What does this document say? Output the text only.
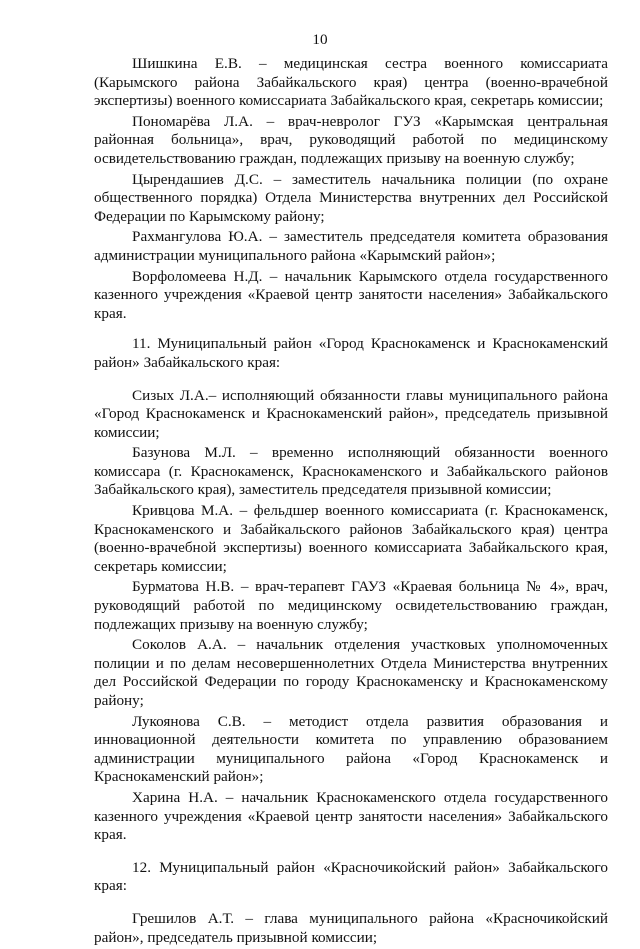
10

Шишкина Е.В. – медицинская сестра военного комиссариата (Карымского района Забайкальского края) центра (военно-врачебной экспертизы) военного комиссариата Забайкальского края, секретарь комиссии;

Пономарёва Л.А. – врач-невролог ГУЗ «Карымская центральная районная больница», врач, руководящий работой по медицинскому освидетельствованию граждан, подлежащих призыву на военную службу;

Цырендашиев Д.С. – заместитель начальника полиции (по охране общественного порядка) Отдела Министерства внутренних дел Российской Федерации по Карымскому району;

Рахмангулова Ю.А. – заместитель председателя комитета образования администрации муниципального района «Карымский район»;

Ворфоломеева Н.Д. – начальник Карымского отдела государственного казенного учреждения «Краевой центр занятости населения» Забайкальского края.

11. Муниципальный район «Город Краснокаменск и Краснокаменский район» Забайкальского края:

Сизых Л.А.– исполняющий обязанности главы муниципального района «Город Краснокаменск и Краснокаменский район», председатель призывной комиссии;

Базунова М.Л. – временно исполняющий обязанности военного комиссара (г. Краснокаменск, Краснокаменского и Забайкальского районов Забайкальского края), заместитель председателя призывной комиссии;

Кривцова М.А. – фельдшер военного комиссариата (г. Краснокаменск, Краснокаменского и Забайкальского районов Забайкальского края) центра (военно-врачебной экспертизы) военного комиссариата Забайкальского края, секретарь комиссии;

Бурматова Н.В. – врач-терапевт ГАУЗ «Краевая больница № 4», врач, руководящий работой по медицинскому освидетельствованию граждан, подлежащих призыву на военную службу;

Соколов А.А. – начальник отделения участковых уполномоченных полиции и по делам несовершеннолетних Отдела Министерства внутренних дел Российской Федерации по городу Краснокаменску и Краснокаменскому району;

Лукоянова С.В. – методист отдела развития образования и инновационной деятельности комитета по управлению образованием администрации муниципального района «Город Краснокаменск и Краснокаменский район»;

Харина Н.А. – начальник Краснокаменского отдела государственного казенного учреждения «Краевой центр занятости населения» Забайкальского края.

12. Муниципальный район «Красночикойский район» Забайкальского края:

Грешилов А.Т. – глава муниципального района «Красночикойский район», председатель призывной комиссии;
